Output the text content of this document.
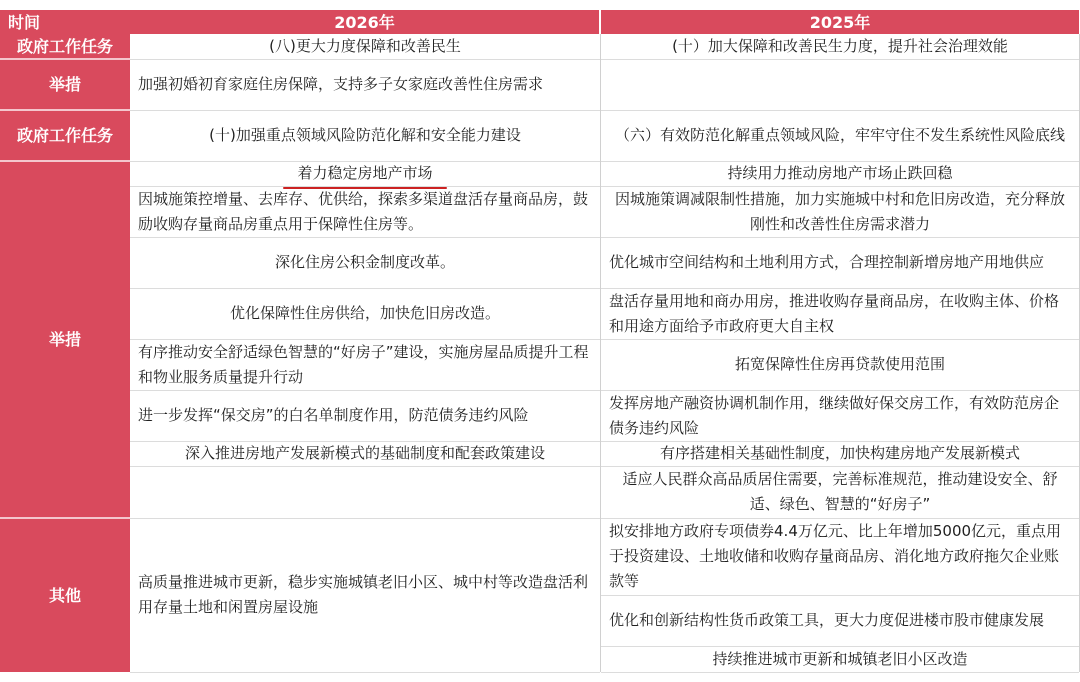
时间	2026年	2025年
政府工作任务
举措
政府工作任务
举措
其他
(八)更大力度保障和改善民生
加强初婚初育家庭住房保障，支持多子女家庭改善性住房需求
(十)加强重点领域风险防范化解和安全能力建设
着力稳定房地产市场
因城施策控增量、去库存、优供给，探索多渠道盘活存量商品房，鼓励收购存量商品房重点用于保障性住房等。
深化住房公积金制度改革。
优化保障性住房供给，加快危旧房改造。
有序推动安全舒适绿色智慧的“好房子”建设，实施房屋品质提升工程和物业服务质量提升行动
进一步发挥“保交房”的白名单制度作用，防范债务违约风险
深入推进房地产发展新模式的基础制度和配套政策建设
高质量推进城市更新，稳步实施城镇老旧小区、城中村等改造盘活利用存量土地和闲置房屋设施
(十）加大保障和改善民生力度，提升社会治理效能
（六）有效防范化解重点领域风险，牢牢守住不发生系统性风险底线
持续用力推动房地产市场止跌回稳
因城施策调减限制性措施，加力实施城中村和危旧房改造，充分释放刚性和改善性住房需求潜力
优化城市空间结构和土地利用方式，合理控制新增房地产用地供应
盘活存量用地和商办用房，推进收购存量商品房，在收购主体、价格和用途方面给予市政府更大自主权
拓宽保障性住房再贷款使用范围
发挥房地产融资协调机制作用，继续做好保交房工作，有效防范房企债务违约风险
有序搭建相关基础性制度，加快构建房地产发展新模式
适应人民群众高品质居住需要，完善标准规范，推动建设安全、舒适、绿色、智慧的“好房子”
拟安排地方政府专项债券4.4万亿元、比上年增加5000亿元，重点用于投资建设、土地收储和收购存量商品房、消化地方政府拖欠企业账款等
优化和创新结构性货币政策工具，更大力度促进楼市股市健康发展
持续推进城市更新和城镇老旧小区改造
